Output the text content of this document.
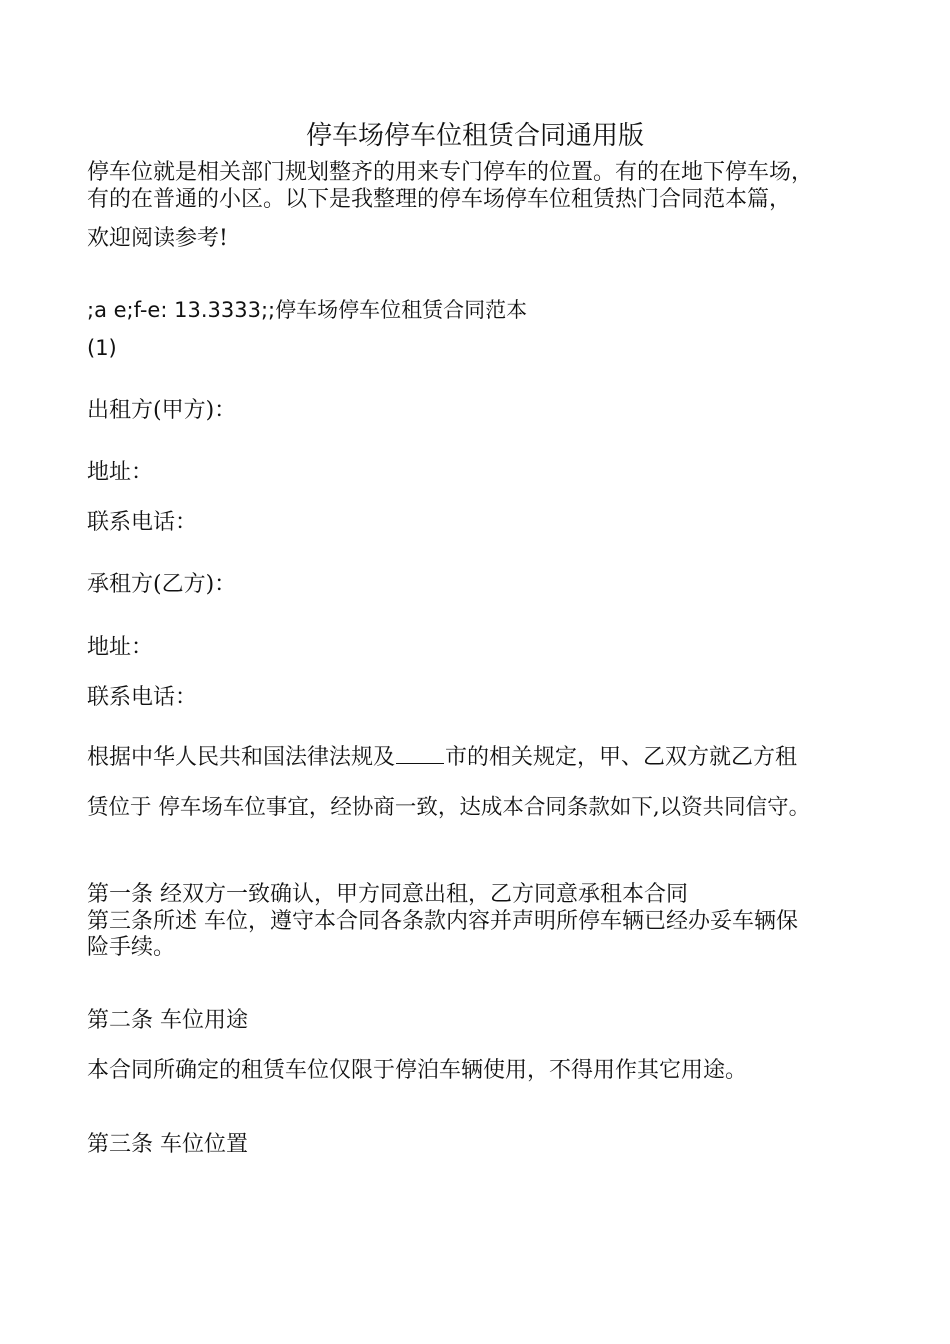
停车场停车位租赁合同通用版

停车位就是相关部门规划整齐的用来专门停车的位置。有的在地下停车场，

有的在普通的小区。以下是我整理的停车场停车位租赁热门合同范本篇，

欢迎阅读参考!

;a e;f-e: 13.3333;;停车场停车位租赁合同范本

(1)

出租方(甲方)：

地址：

联系电话：

承租方(乙方)：

地址：

联系电话：

根据中华人民共和国法律法规及 市的相关规定，甲、乙双方就乙方租

赁位于 停车场车位事宜，经协商一致，达成本合同条款如下,以资共同信守。

第一条 经双方一致确认，甲方同意出租，乙方同意承租本合同

第三条所述 车位，遵守本合同各条款内容并声明所停车辆已经办妥车辆保

险手续。

第二条 车位用途

本合同所确定的租赁车位仅限于停泊车辆使用，不得用作其它用途。

第三条 车位位置
